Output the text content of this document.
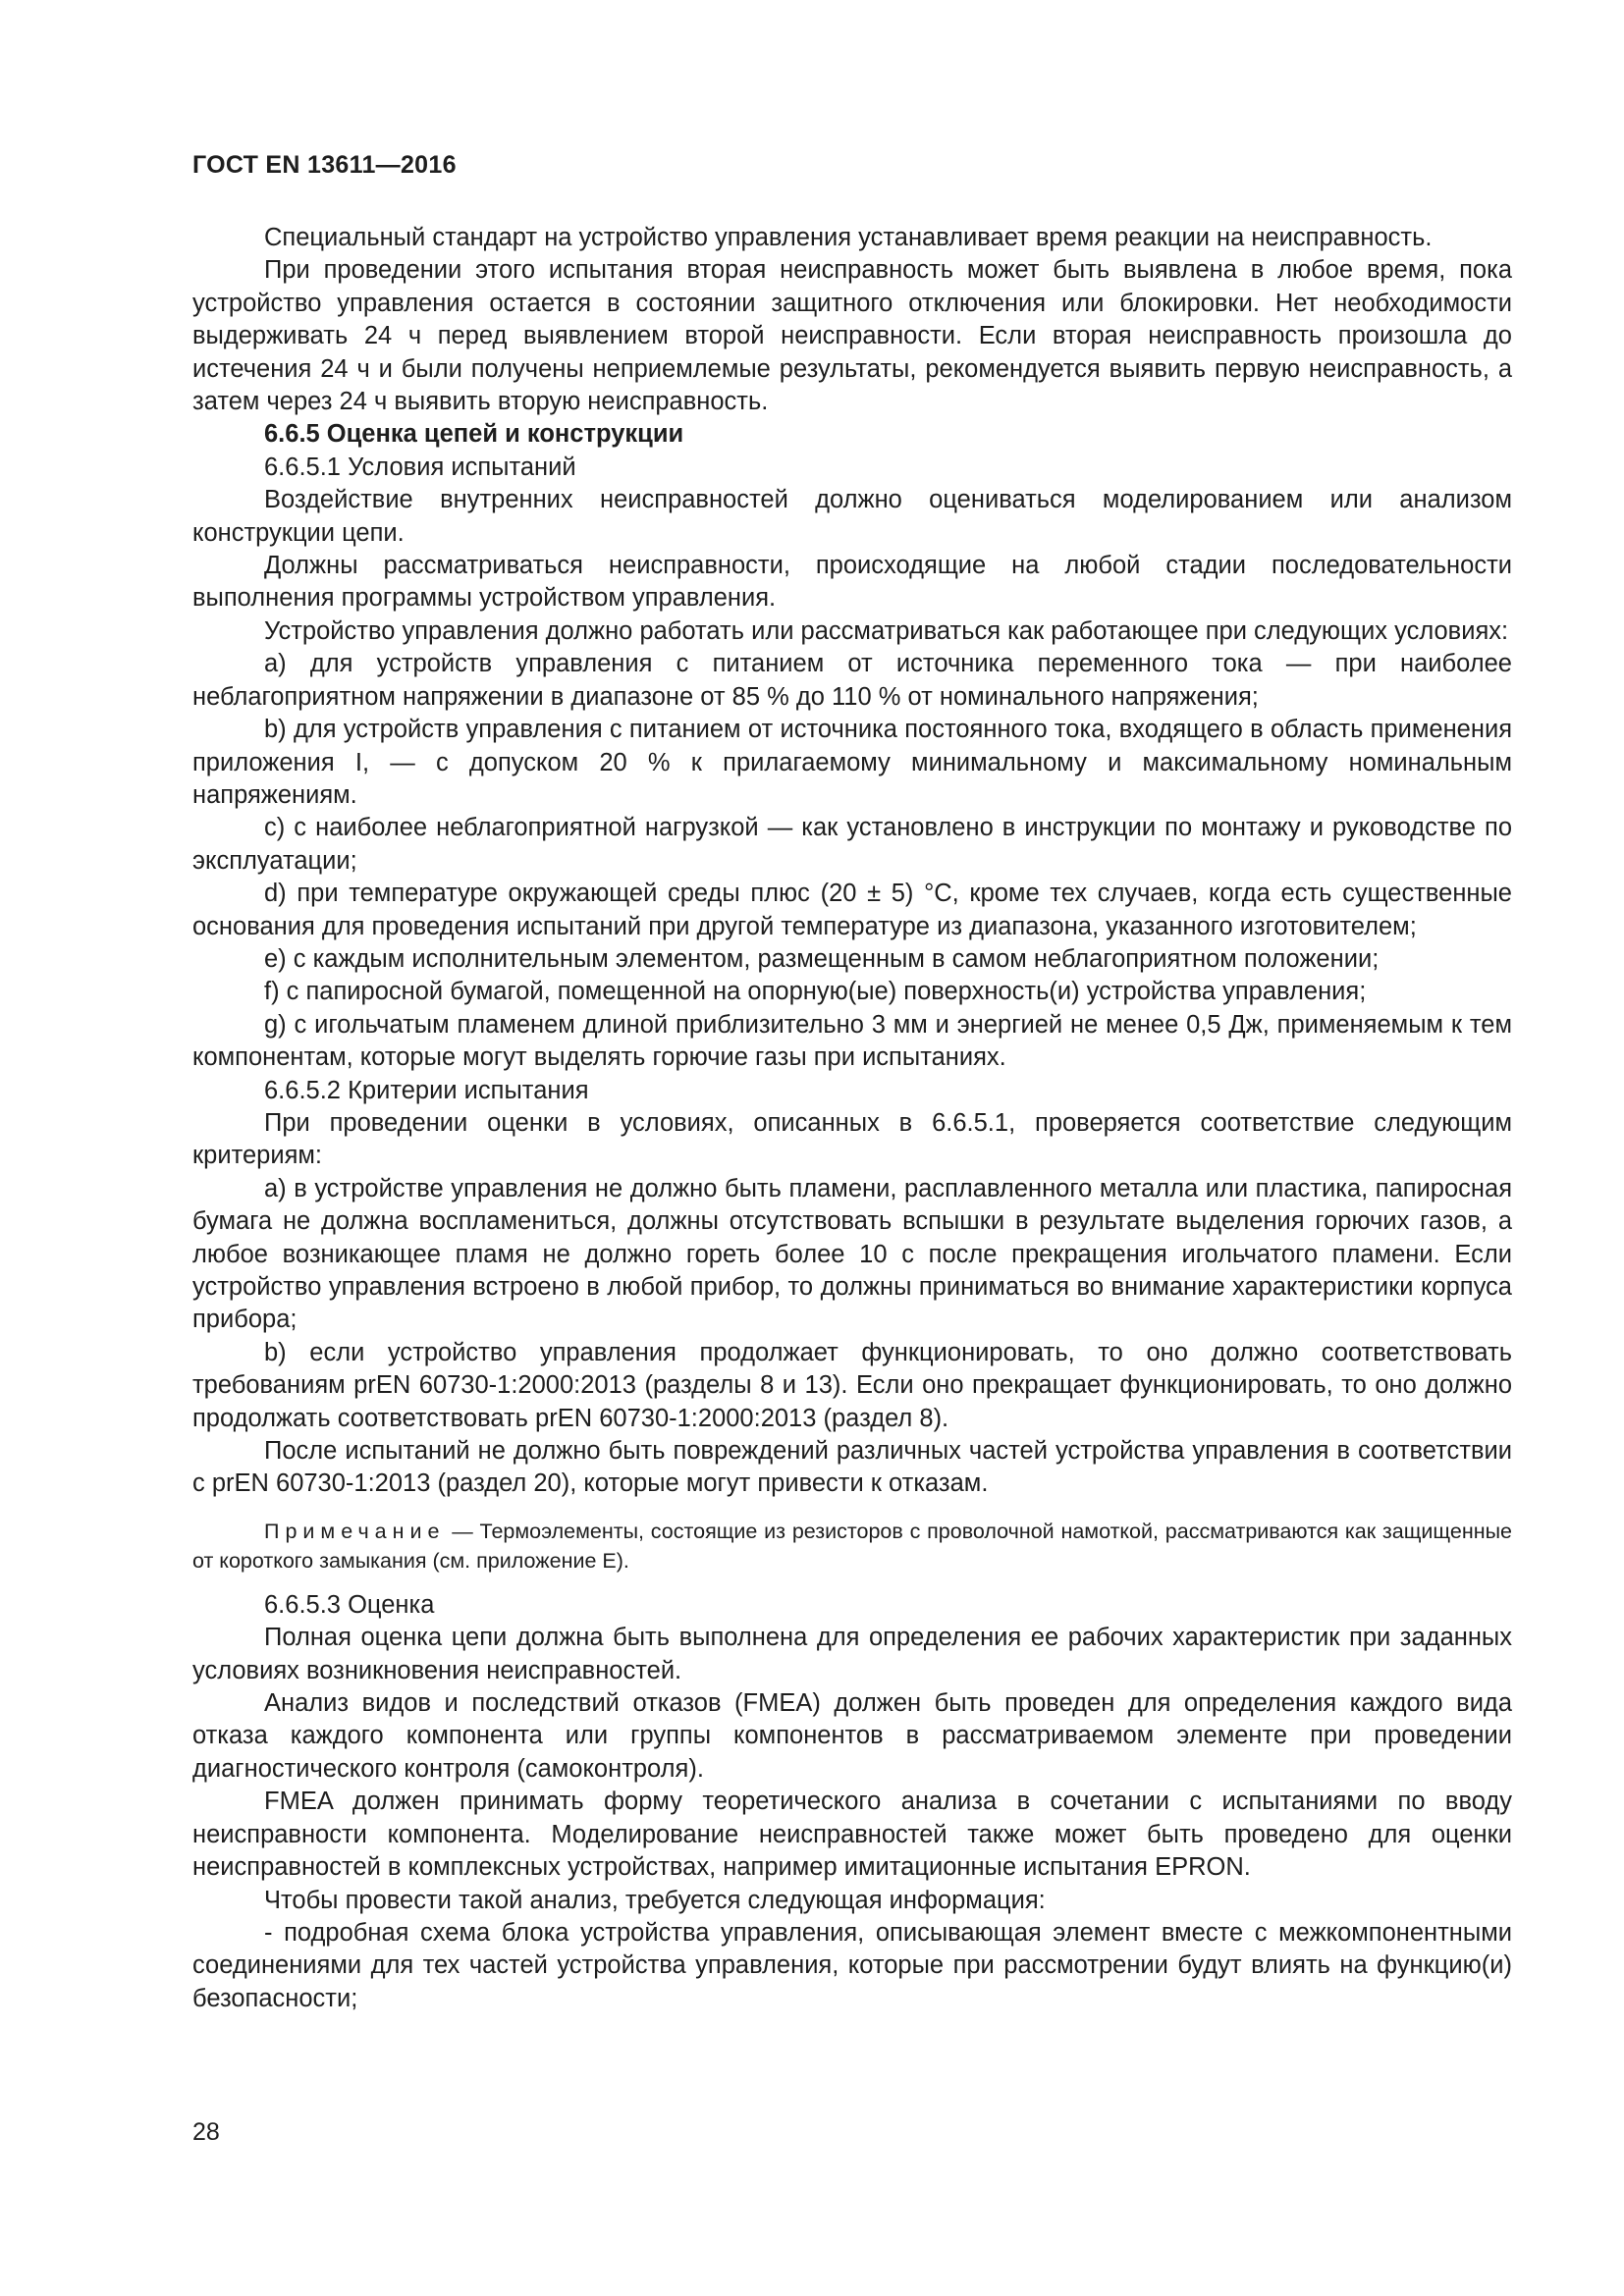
ГОСТ EN 13611—2016

Специальный стандарт на устройство управления устанавливает время реакции на неисправность.

При проведении этого испытания вторая неисправность может быть выявлена в любое время, пока устройство управления остается в состоянии защитного отключения или блокировки. Нет необходимости выдерживать 24 ч перед выявлением второй неисправности. Если вторая неисправность произошла до истечения 24 ч и были получены неприемлемые результаты, рекомендуется выявить первую неисправность, а затем через 24 ч выявить вторую неисправность.

6.6.5 Оценка цепей и конструкции

6.6.5.1 Условия испытаний

Воздействие внутренних неисправностей должно оцениваться моделированием или анализом конструкции цепи.

Должны рассматриваться неисправности, происходящие на любой стадии последовательности выполнения программы устройством управления.

Устройство управления должно работать или рассматриваться как работающее при следующих условиях:

а) для устройств управления с питанием от источника переменного тока — при наиболее неблагоприятном напряжении в диапазоне от 85 % до 110 % от номинального напряжения;

b) для устройств управления с питанием от источника постоянного тока, входящего в область применения приложения I, — с допуском 20 % к прилагаемому минимальному и максимальному номинальным напряжениям.

c) с наиболее неблагоприятной нагрузкой — как установлено в инструкции по монтажу и руководстве по эксплуатации;

d) при температуре окружающей среды плюс (20 ± 5) °C, кроме тех случаев, когда есть существенные основания для проведения испытаний при другой температуре из диапазона, указанного изготовителем;

e) с каждым исполнительным элементом, размещенным в самом неблагоприятном положении;

f) с папиросной бумагой, помещенной на опорную(ые) поверхность(и) устройства управления;

g) с игольчатым пламенем длиной приблизительно 3 мм и энергией не менее 0,5 Дж, применяемым к тем компонентам, которые могут выделять горючие газы при испытаниях.

6.6.5.2 Критерии испытания

При проведении оценки в условиях, описанных в 6.6.5.1, проверяется соответствие следующим критериям:

а) в устройстве управления не должно быть пламени, расплавленного металла или пластика, папиросная бумага не должна воспламениться, должны отсутствовать вспышки в результате выделения горючих газов, а любое возникающее пламя не должно гореть более 10 с после прекращения игольчатого пламени. Если устройство управления встроено в любой прибор, то должны приниматься во внимание характеристики корпуса прибора;

b) если устройство управления продолжает функционировать, то оно должно соответствовать требованиям prEN 60730-1:2000:2013 (разделы 8 и 13). Если оно прекращает функционировать, то оно должно продолжать соответствовать prEN 60730-1:2000:2013 (раздел 8).

После испытаний не должно быть повреждений различных частей устройства управления в соответствии с prEN 60730-1:2013 (раздел 20), которые могут привести к отказам.

Примечание — Термоэлементы, состоящие из резисторов с проволочной намоткой, рассматриваются как защищенные от короткого замыкания (см. приложение E).

6.6.5.3 Оценка

Полная оценка цепи должна быть выполнена для определения ее рабочих характеристик при заданных условиях возникновения неисправностей.

Анализ видов и последствий отказов (FMEA) должен быть проведен для определения каждого вида отказа каждого компонента или группы компонентов в рассматриваемом элементе при проведении диагностического контроля (самоконтроля).

FMEA должен принимать форму теоретического анализа в сочетании с испытаниями по вводу неисправности компонента. Моделирование неисправностей также может быть проведено для оценки неисправностей в комплексных устройствах, например имитационные испытания EPRON.

Чтобы провести такой анализ, требуется следующая информация:

- подробная схема блока устройства управления, описывающая элемент вместе с межкомпонентными соединениями для тех частей устройства управления, которые при рассмотрении будут влиять на функцию(и) безопасности;

28
